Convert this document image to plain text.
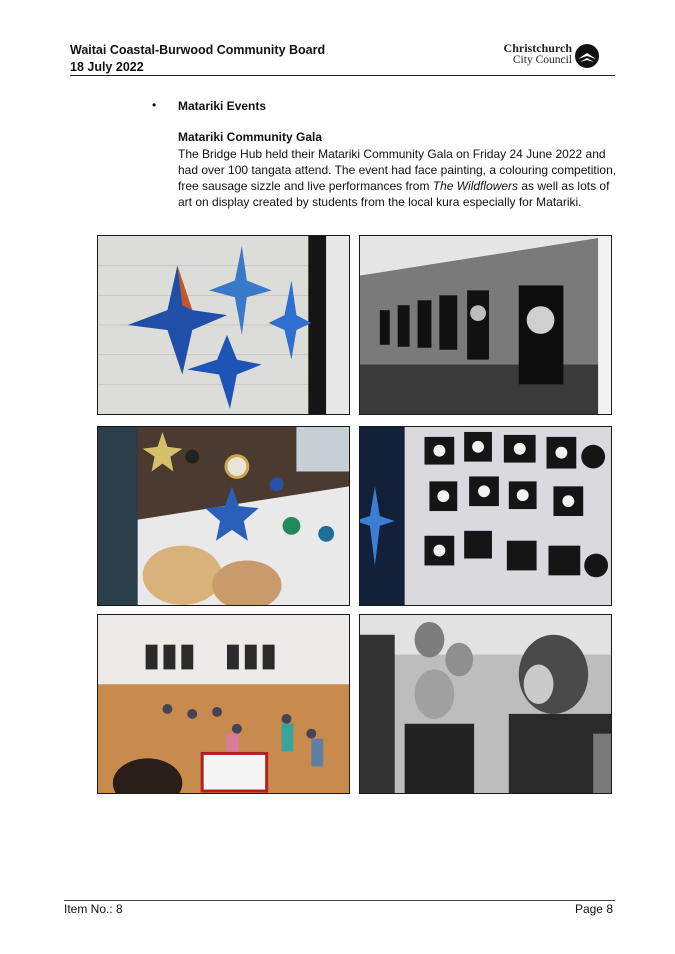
Waitai Coastal-Burwood Community Board
18 July 2022
Christchurch
City Council
• Matariki Events
Matariki Community Gala
The Bridge Hub held their Matariki Community Gala on Friday 24 June 2022 and had over 100 tangata attend. The event had face painting, a colouring competition, free sausage sizzle and live performances from The Wildflowers as well as lots of art on display created by students from the local kura especially for Matariki.
Item No.: 8	Page 8
